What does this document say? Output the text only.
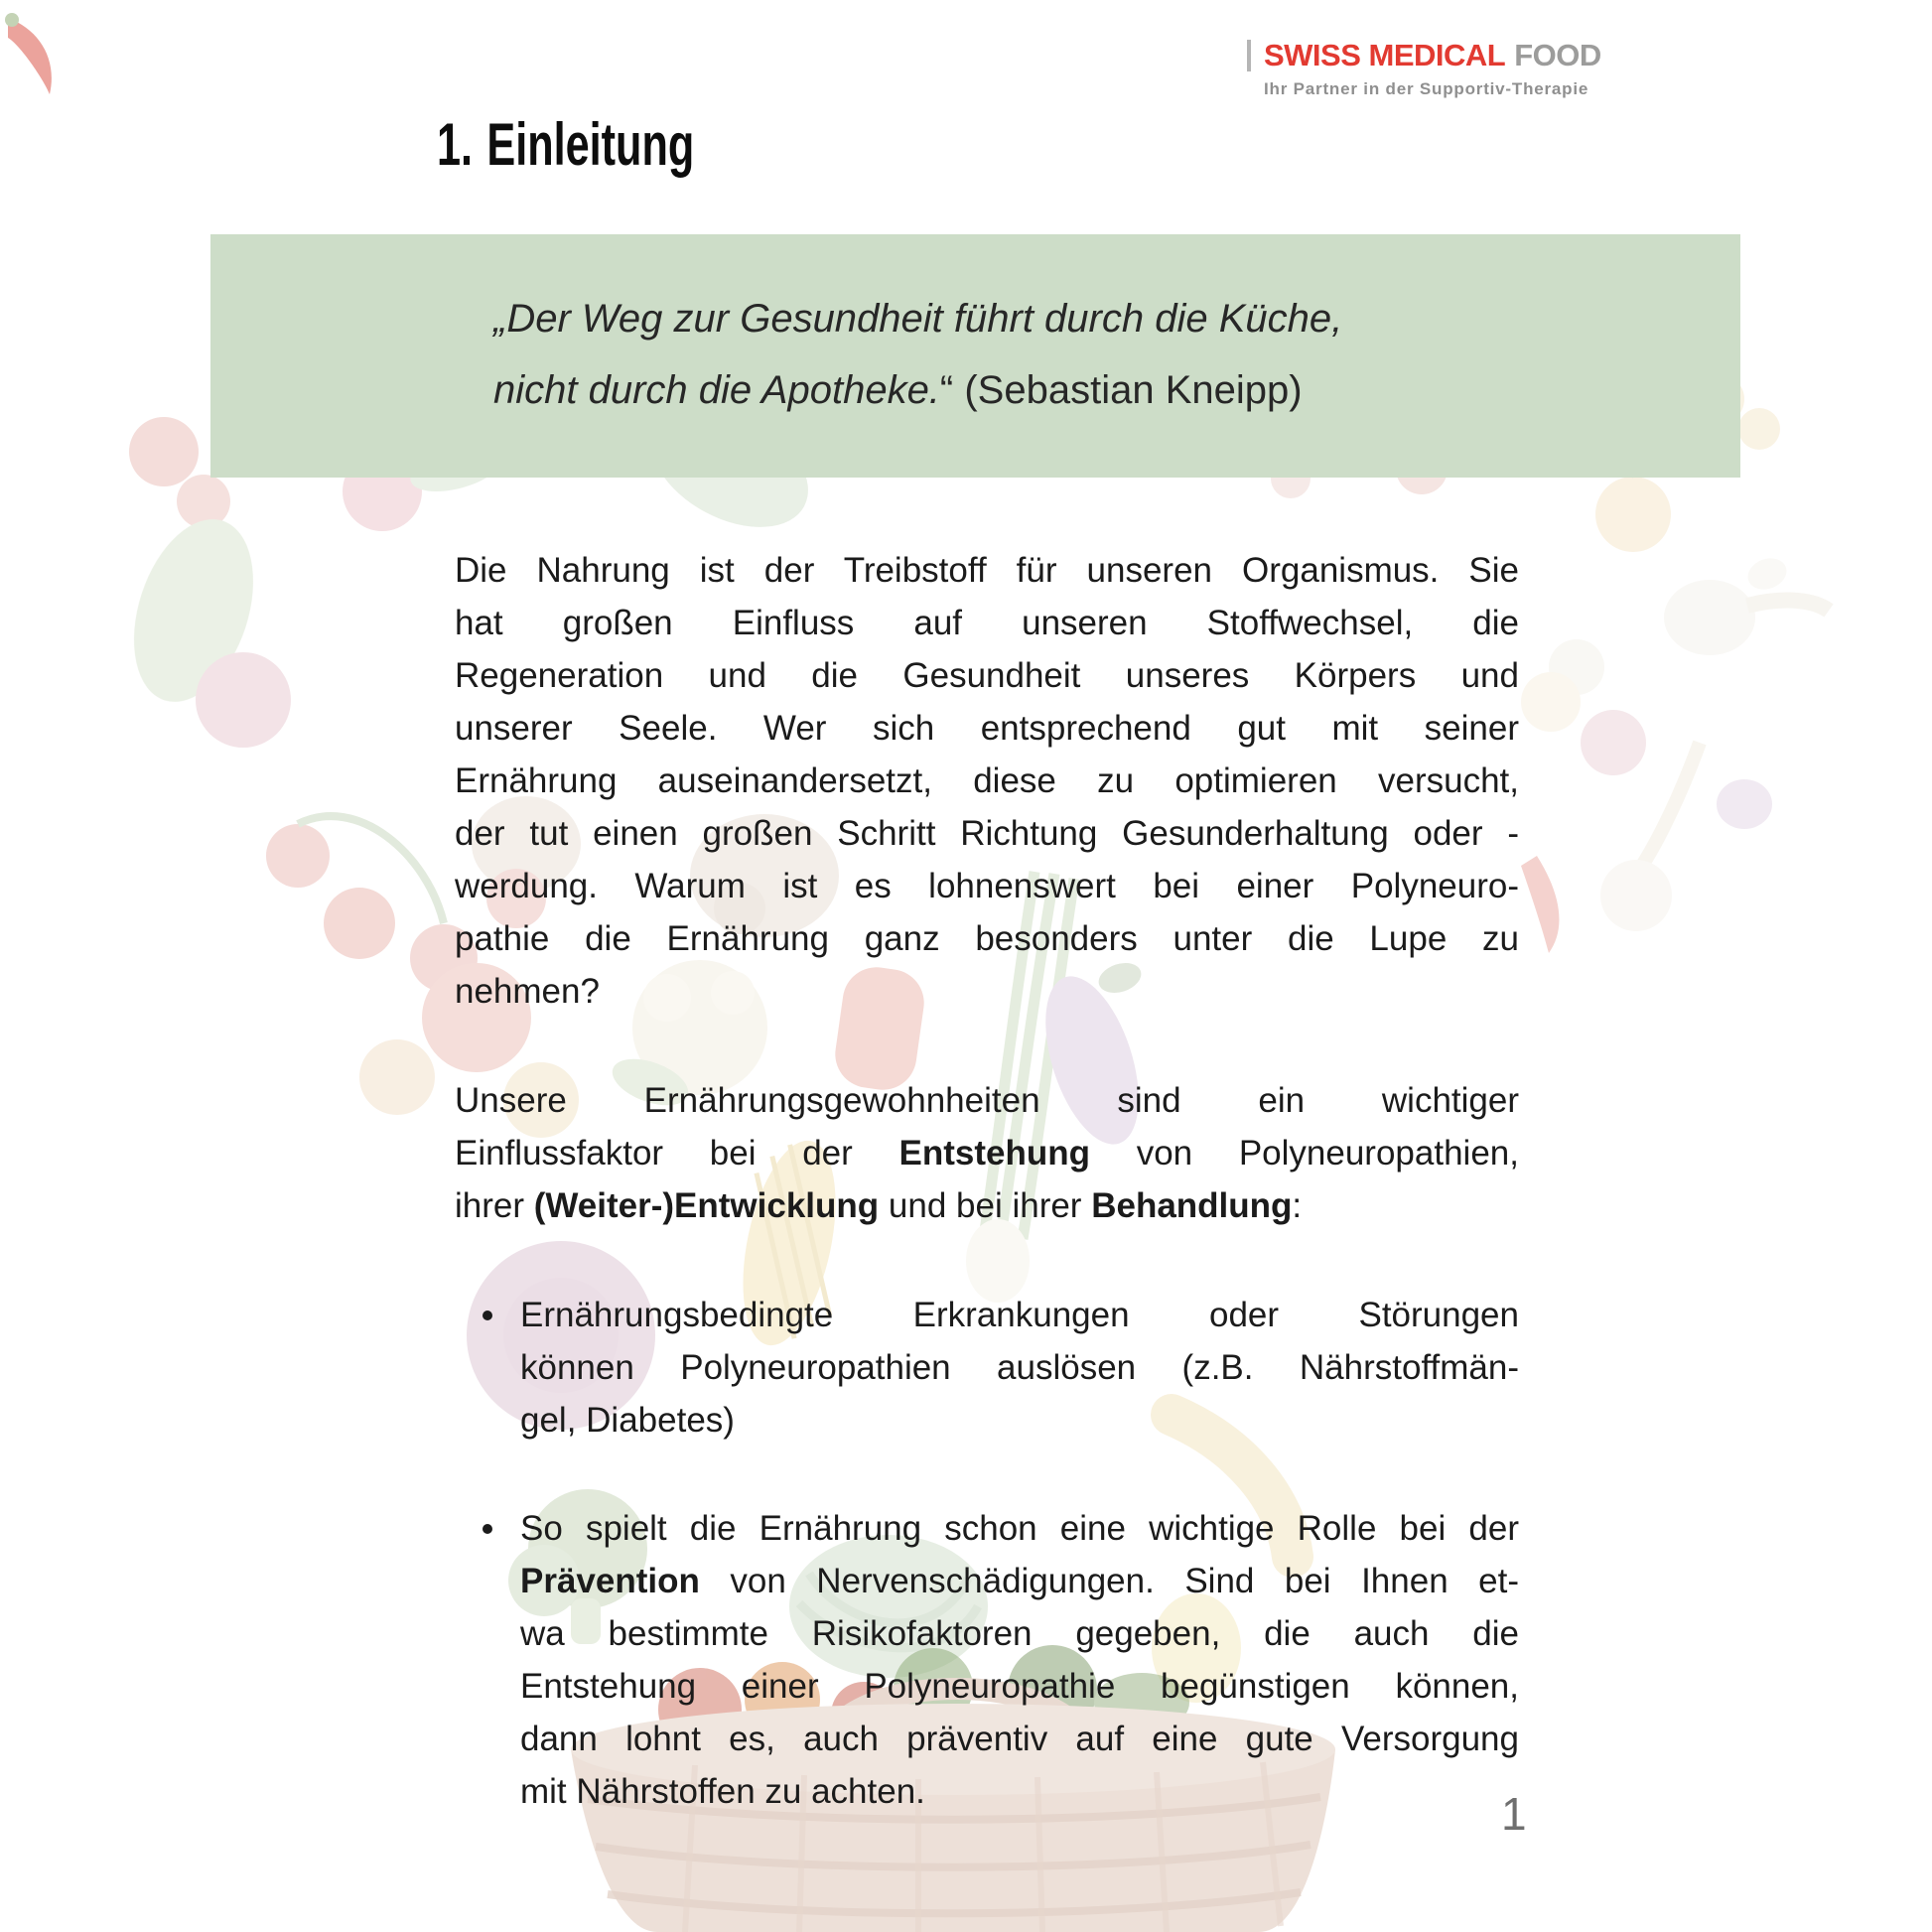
SWISS MEDICAL FOOD
Ihr Partner in der Supportiv-Therapie
1. Einleitung
„Der Weg zur Gesundheit führt durch die Küche,
nicht durch die Apotheke.“ (Sebastian Kneipp)
Die Nahrung ist der Treibstoff für unseren Organismus. Sie
hat großen Einfluss auf unseren Stoffwechsel, die
Regeneration und die Gesundheit unseres Körpers und
unserer Seele. Wer sich entsprechend gut mit seiner
Ernährung auseinandersetzt, diese zu optimieren versucht,
der tut einen großen Schritt Richtung Gesunderhaltung oder -
werdung. Warum ist es lohnenswert bei einer Polyneuro-
pathie die Ernährung ganz besonders unter die Lupe zu
nehmen?
Unsere Ernährungsgewohnheiten sind ein wichtiger
Einflussfaktor bei der Entstehung von Polyneuropathien,
ihrer (Weiter-)Entwicklung und bei ihrer Behandlung:
Ernährungsbedingte Erkrankungen oder Störungen
können Polyneuropathien auslösen (z.B. Nährstoffmän-
gel, Diabetes)
So spielt die Ernährung schon eine wichtige Rolle bei der
Prävention von Nervenschädigungen. Sind bei Ihnen et-
wa bestimmte Risikofaktoren gegeben, die auch die
Entstehung einer Polyneuropathie begünstigen können,
dann lohnt es, auch präventiv auf eine gute Versorgung
mit Nährstoffen zu achten.	1
